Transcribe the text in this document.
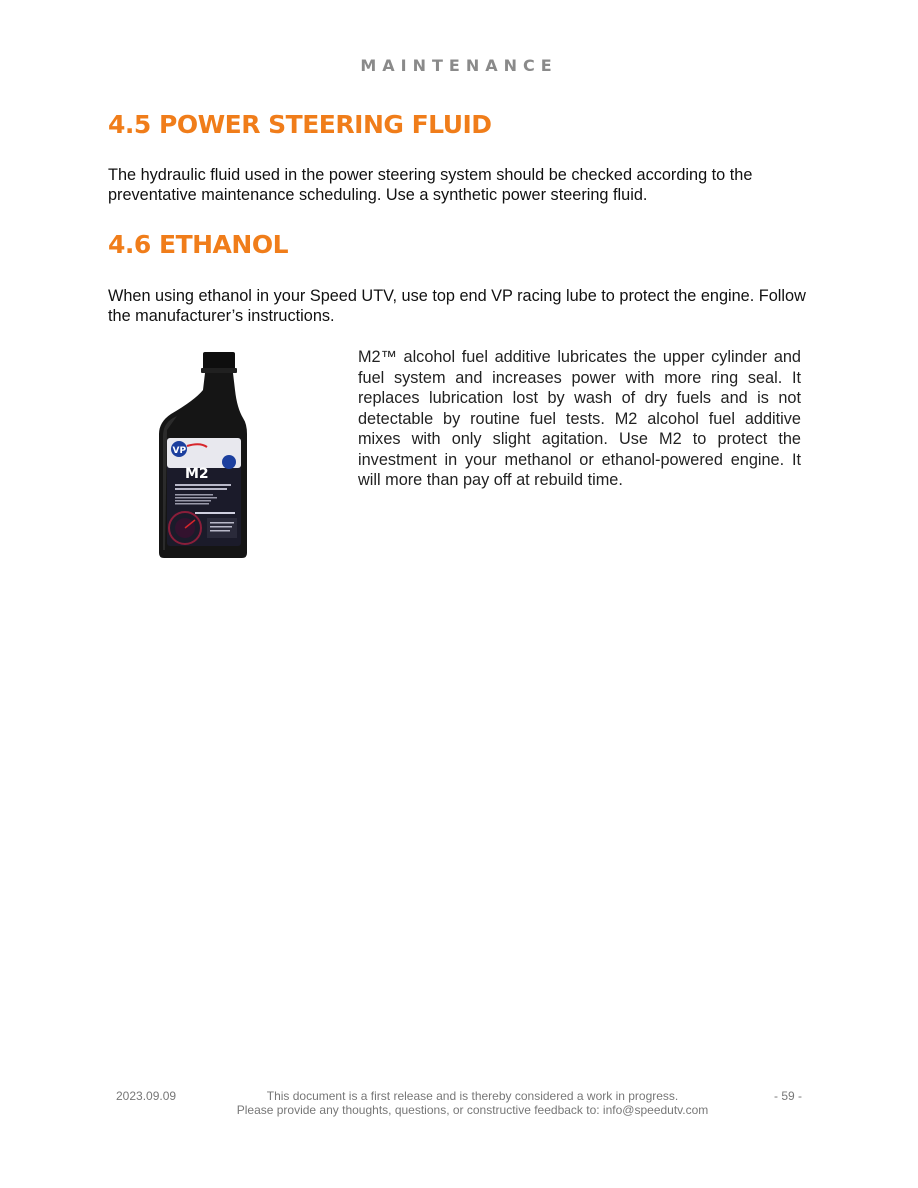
MAINTENANCE
4.5 POWER STEERING FLUID

The hydraulic fluid used in the power steering system should be checked according to the preventative maintenance scheduling. Use a synthetic power steering fluid.

4.6 ETHANOL

When using ethanol in your Speed UTV, use top end VP racing lube to protect the engine. Follow the manufacturer’s instructions.

VP
M2

M2™ alcohol fuel additive lubricates the upper cylinder and fuel system and increases power with more ring seal. It replaces lubrication lost by wash of dry fuels and is not detectable by routine fuel tests. M2 alcohol fuel additive mixes with only slight agitation. Use M2 to protect the investment in your methanol or ethanol-powered engine. It will more than pay off at rebuild time.

2023.09.09	This document is a first release and is thereby considered a work in progress.
Please provide any thoughts, questions, or constructive feedback to: info@speedutv.com
- 59 -
